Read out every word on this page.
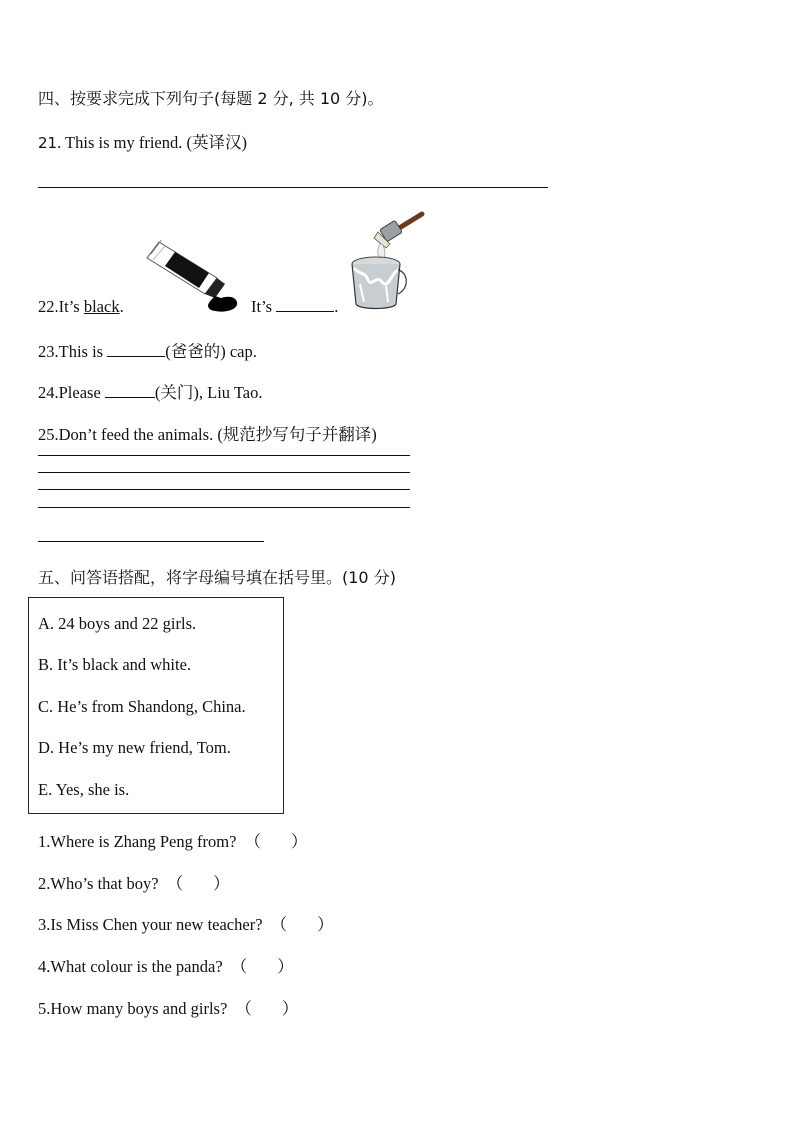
四、按要求完成下列句子(每题 2 分, 共 10 分)。
21. This is my friend. (英译汉)
22.It’s black.	It’s	.
23.This is	(爸爸的) cap.
24.Please	(关门), Liu Tao.
25.Don’t feed the animals. (规范抄写句子并翻译)
五、问答语搭配，将字母编号填在括号里。(10 分)
A. 24 boys and 22 girls.
B. It’s black and white.
C. He’s from Shandong, China.
D. He’s my new friend, Tom.
E. Yes, she is.
1.Where is Zhang Peng from? （ ）
2.Who’s that boy? （ ）
3.Is Miss Chen your new teacher? （ ）
4.What colour is the panda? （ ）
5.How many boys and girls? （ ）
